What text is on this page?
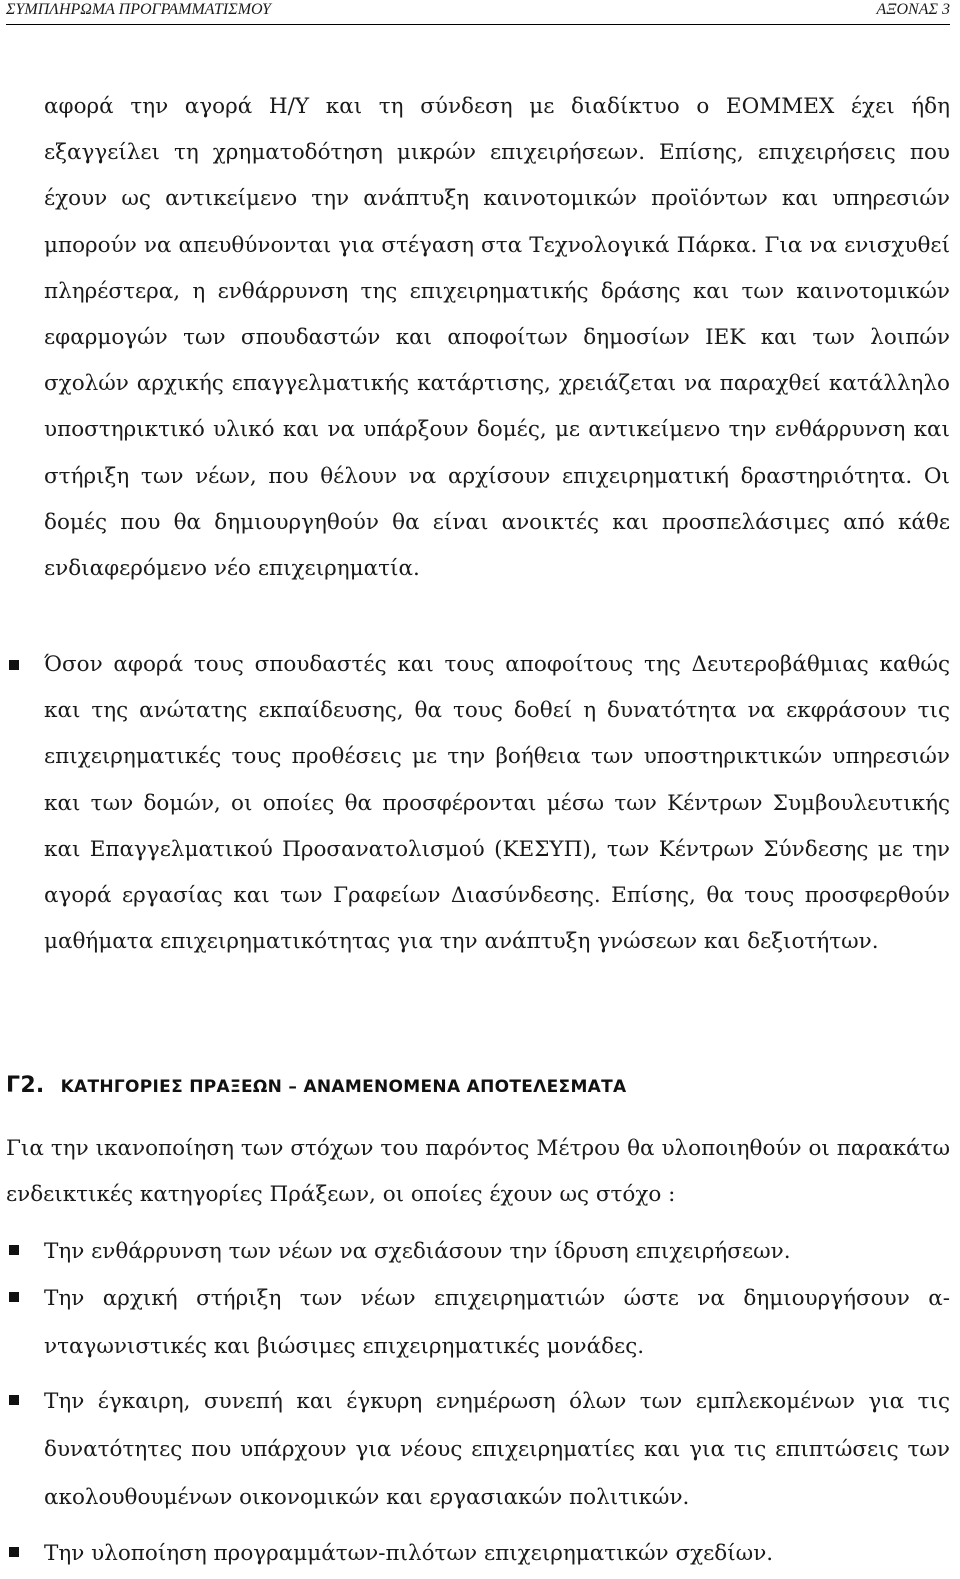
ΣΥΜΠΛΗΡΩΜΑ ΠΡΟΓΡΑΜΜΑΤΙΣΜΟΥ	ΑΞΟΝΑΣ 3
αφορά την αγορά Η/Υ και τη σύνδεση με διαδίκτυο ο ΕΟΜΜΕΧ έχει ήδη εξαγγείλει τη χρηματοδότηση μικρών επιχειρήσεων. Επίσης, επιχειρήσεις που έχουν ως αντικείμενο την ανάπτυξη καινοτομικών προϊόντων και υπηρεσιών μπορούν να απευθύνονται για στέγαση στα Τεχνολογικά Πάρκα. Για να ενισχυθεί πληρέστερα, η ενθάρρυνση της επιχειρηματικής δράσης και των καινοτομικών εφαρμογών των σπουδαστών και αποφοίτων δημοσίων ΙΕΚ και των λοιπών σχολών αρχικής επαγγελματικής κατάρτισης, χρειάζεται να παραχθεί κατάλληλο υποστηρικτικό υλικό και να υπάρξουν δομές, με αντικείμενο την ενθάρρυνση και στήριξη των νέων, που θέλουν να αρχίσουν επιχειρηματική δραστηριότητα. Οι δομές που θα δημιουργηθούν θα είναι ανοικτές και προσπελάσιμες από κάθε ενδιαφερόμενο νέο επιχειρηματία.
Όσον αφορά τους σπουδαστές και τους αποφοίτους της Δευτεροβάθμιας καθώς και της ανώτατης εκπαίδευσης, θα τους δοθεί η δυνατότητα να εκφράσουν τις επιχειρηματικές τους προθέσεις με την βοήθεια των υποστηρικτικών υπηρεσιών και των δομών, οι οποίες θα προσφέρονται μέσω των Κέντρων Συμβουλευτικής και Επαγγελματικού Προσανατολισμού (ΚΕΣΥΠ), των Κέντρων Σύνδεσης με την αγορά εργασίας και των Γραφείων Διασύνδεσης. Επίσης, θα τους προσφερθούν μαθήματα επιχειρηματικότητας για την ανάπτυξη γνώσεων και δεξιοτήτων.
Γ2. ΚΑΤΗΓΟΡΙΕΣ ΠΡΑΞΕΩΝ – ΑΝΑΜΕΝΟΜΕΝΑ ΑΠΟΤΕΛΕΣΜΑΤΑ
Για την ικανοποίηση των στόχων του παρόντος Μέτρου θα υλοποιηθούν οι παρακάτω ενδεικτικές κατηγορίες Πράξεων, οι οποίες έχουν ως στόχο :
Την ενθάρρυνση των νέων να σχεδιάσουν την ίδρυση επιχειρήσεων.
Την αρχική στήριξη των νέων επιχειρηματιών ώστε να δημιουργήσουν ανταγωνιστικές και βιώσιμες επιχειρηματικές μονάδες.
Την έγκαιρη, συνεπή και έγκυρη ενημέρωση όλων των εμπλεκομένων για τις δυνατότητες που υπάρχουν για νέους επιχειρηματίες και για τις επιπτώσεις των ακολουθουμένων οικονομικών και εργασιακών πολιτικών.
Την υλοποίηση προγραμμάτων-πιλότων επιχειρηματικών σχεδίων.
